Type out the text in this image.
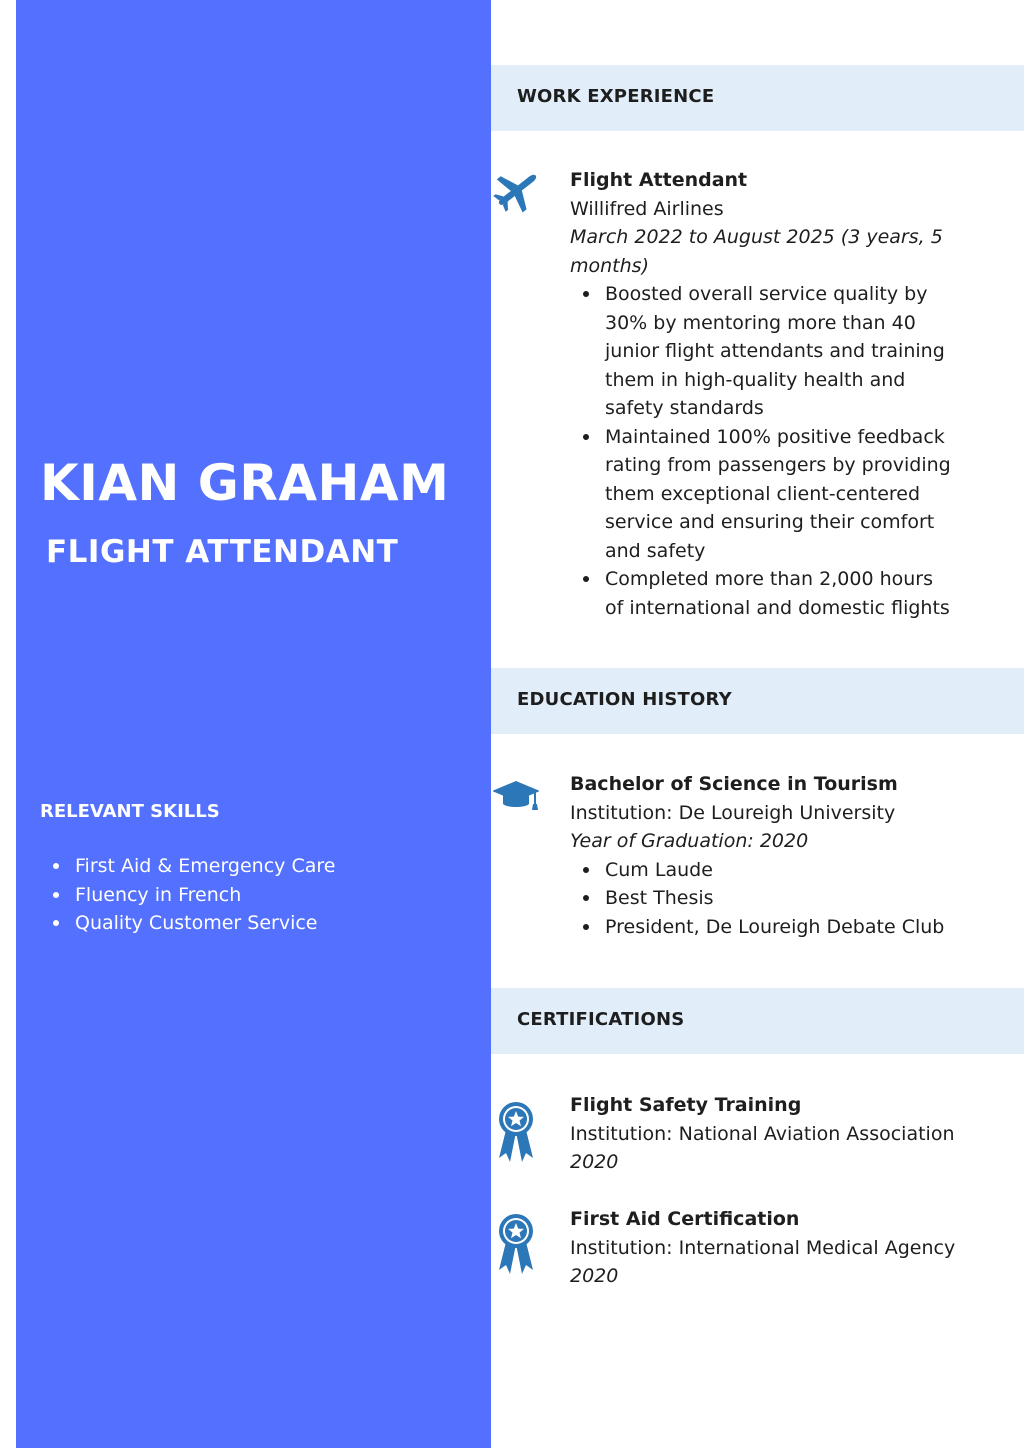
KIAN GRAHAM
FLIGHT ATTENDANT
RELEVANT SKILLS
First Aid & Emergency Care
Fluency in French
Quality Customer Service
WORK EXPERIENCE
Flight Attendant
Willifred Airlines
March 2022 to August 2025 (3 years, 5 months)
Boosted overall service quality by 30% by mentoring more than 40 junior flight attendants and training them in high-quality health and safety standards
Maintained 100% positive feedback rating from passengers by providing them exceptional client-centered service and ensuring their comfort and safety
Completed more than 2,000 hours of international and domestic flights
EDUCATION HISTORY
Bachelor of Science in Tourism
Institution: De Loureigh University
Year of Graduation: 2020
Cum Laude
Best Thesis
President, De Loureigh Debate Club
CERTIFICATIONS
Flight Safety Training
Institution: National Aviation Association
2020
First Aid Certification
Institution: International Medical Agency
2020
